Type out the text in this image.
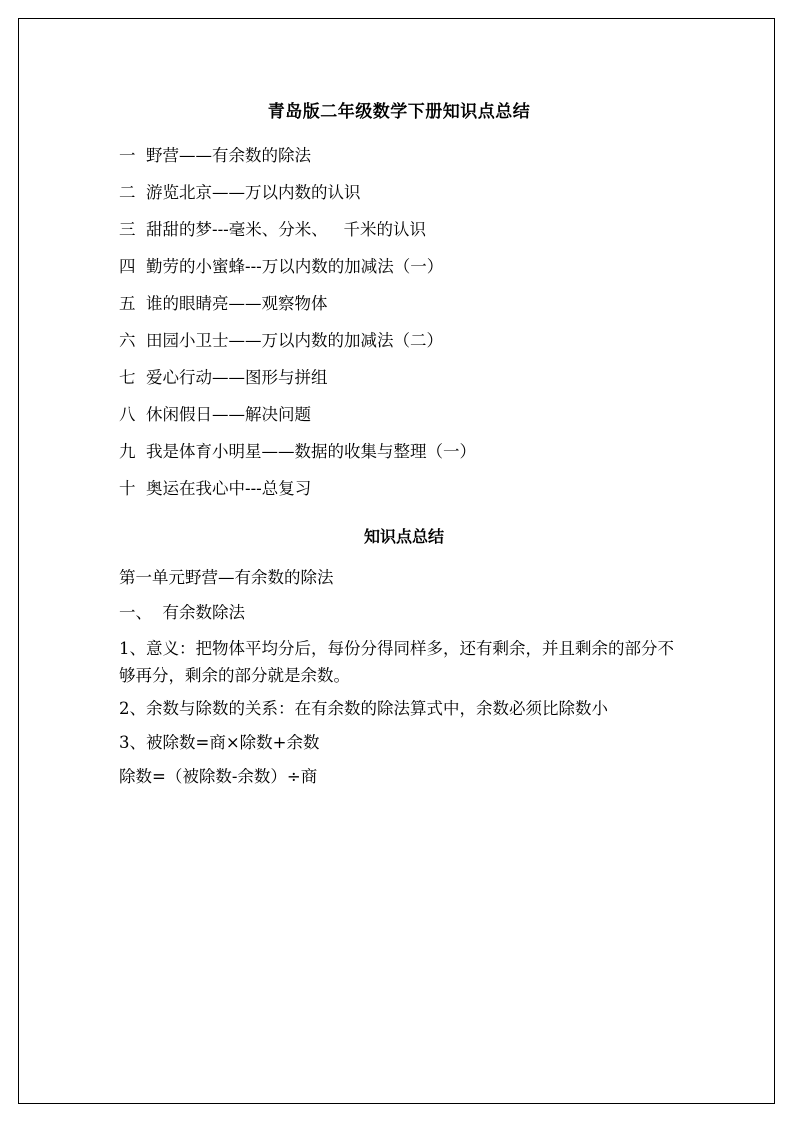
青岛版二年级数学下册知识点总结
一  野营——有余数的除法
二  游览北京——万以内数的认识
三  甜甜的梦---毫米、分米、   千米的认识
四  勤劳的小蜜蜂---万以内数的加减法（一）
五  谁的眼睛亮——观察物体
六  田园小卫士——万以内数的加减法（二）
七  爱心行动——图形与拼组
八  休闲假日——解决问题
九  我是体育小明星——数据的收集与整理（一）
十  奥运在我心中---总复习
知识点总结
第一单元野营—有余数的除法
一、  有余数除法
1、意义：把物体平均分后，每份分得同样多，还有剩余，并且剩余的部分不够再分，剩余的部分就是余数。
2、余数与除数的关系：在有余数的除法算式中，余数必须比除数小
3、被除数=商×除数+余数
除数=（被除数-余数）÷商
